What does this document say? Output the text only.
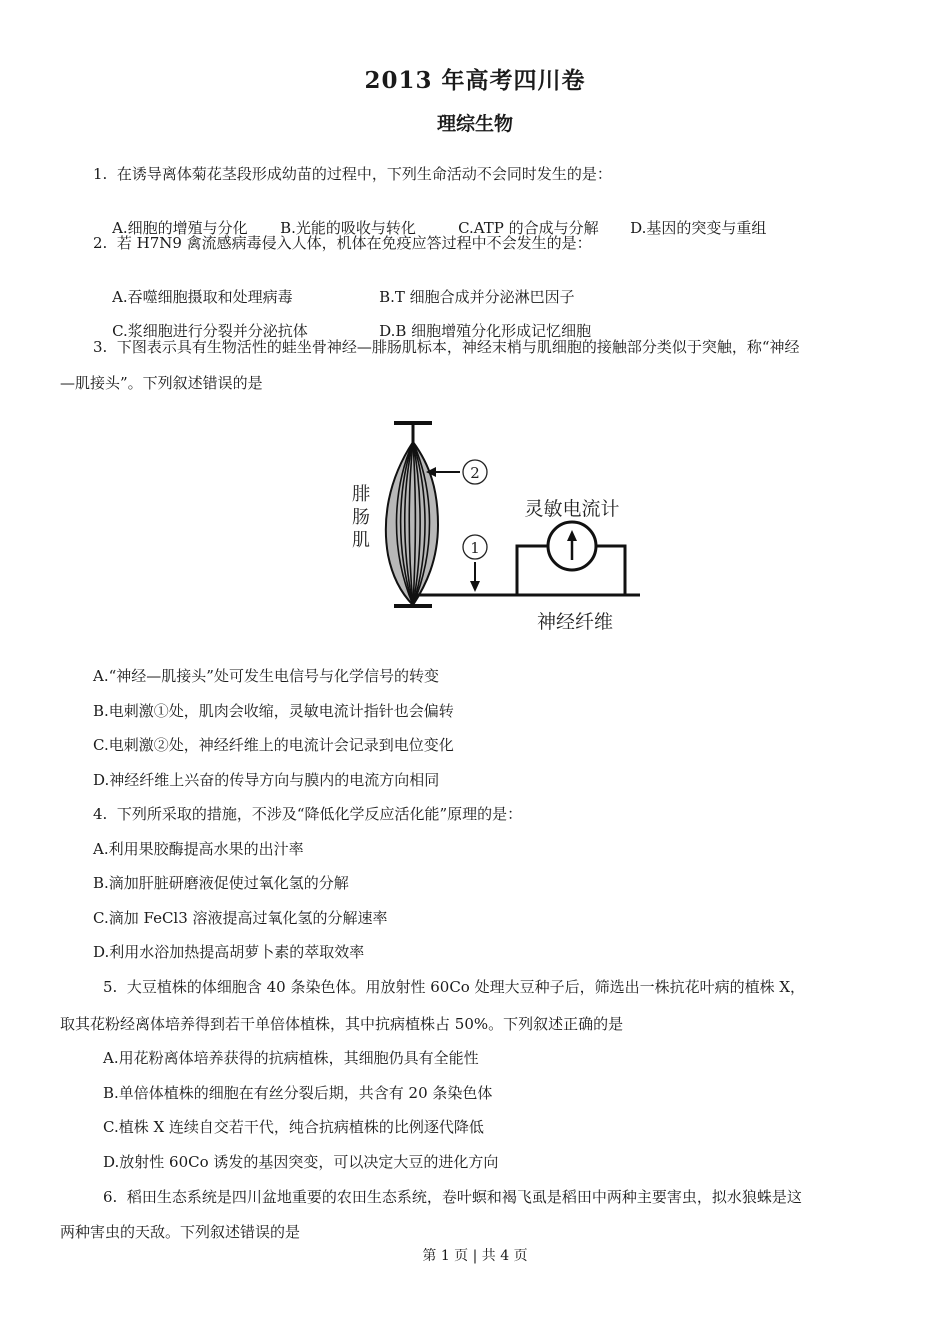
2013 年高考四川卷
理综生物
1.  在诱导离体菊花茎段形成幼苗的过程中，下列生命活动不会同时发生的是：

A.细胞的增殖与分化 B.光能的吸收与转化	C.ATP 的合成与分解 D.基因的突变与重组

2.  若 H7N9 禽流感病毒侵入人体，机体在免疫应答过程中不会发生的是：

A.吞噬细胞摄取和处理病毒	B.T 细胞合成并分泌淋巴因子

C.浆细胞进行分裂并分泌抗体	D.B 细胞增殖分化形成记忆细胞

3.  下图表示具有生物活性的蛙坐骨神经—腓肠肌标本，神经末梢与肌细胞的接触部分类似于突触，称“神经
—肌接头”。下列叙述错误的是
2
腓
肠
肌	1
灵敏电流计
神经纤维
A.“神经—肌接头”处可发生电信号与化学信号的转变
B.电刺激①处，肌肉会收缩，灵敏电流计指针也会偏转
C.电刺激②处，神经纤维上的电流计会记录到电位变化
D.神经纤维上兴奋的传导方向与膜内的电流方向相同
4.  下列所采取的措施，不涉及“降低化学反应活化能”原理的是：
A.利用果胶酶提高水果的出汁率
B.滴加肝脏研磨液促使过氧化氢的分解
C.滴加 FeCl3 溶液提高过氧化氢的分解速率
D.利用水浴加热提高胡萝卜素的萃取效率
5.  大豆植株的体细胞含 40 条染色体。用放射性 60Co 处理大豆种子后，筛选出一株抗花叶病的植株 X，
取其花粉经离体培养得到若干单倍体植株，其中抗病植株占 50%。下列叙述正确的是
A.用花粉离体培养获得的抗病植株，其细胞仍具有全能性
B.单倍体植株的细胞在有丝分裂后期，共含有 20 条染色体
C.植株 X 连续自交若干代，纯合抗病植株的比例逐代降低
D.放射性 60Co 诱发的基因突变，可以决定大豆的进化方向
6.  稻田生态系统是四川盆地重要的农田生态系统，卷叶螟和褐飞虱是稻田中两种主要害虫，拟水狼蛛是这
两种害虫的天敌。下列叙述错误的是
第 1 页 | 共 4 页
